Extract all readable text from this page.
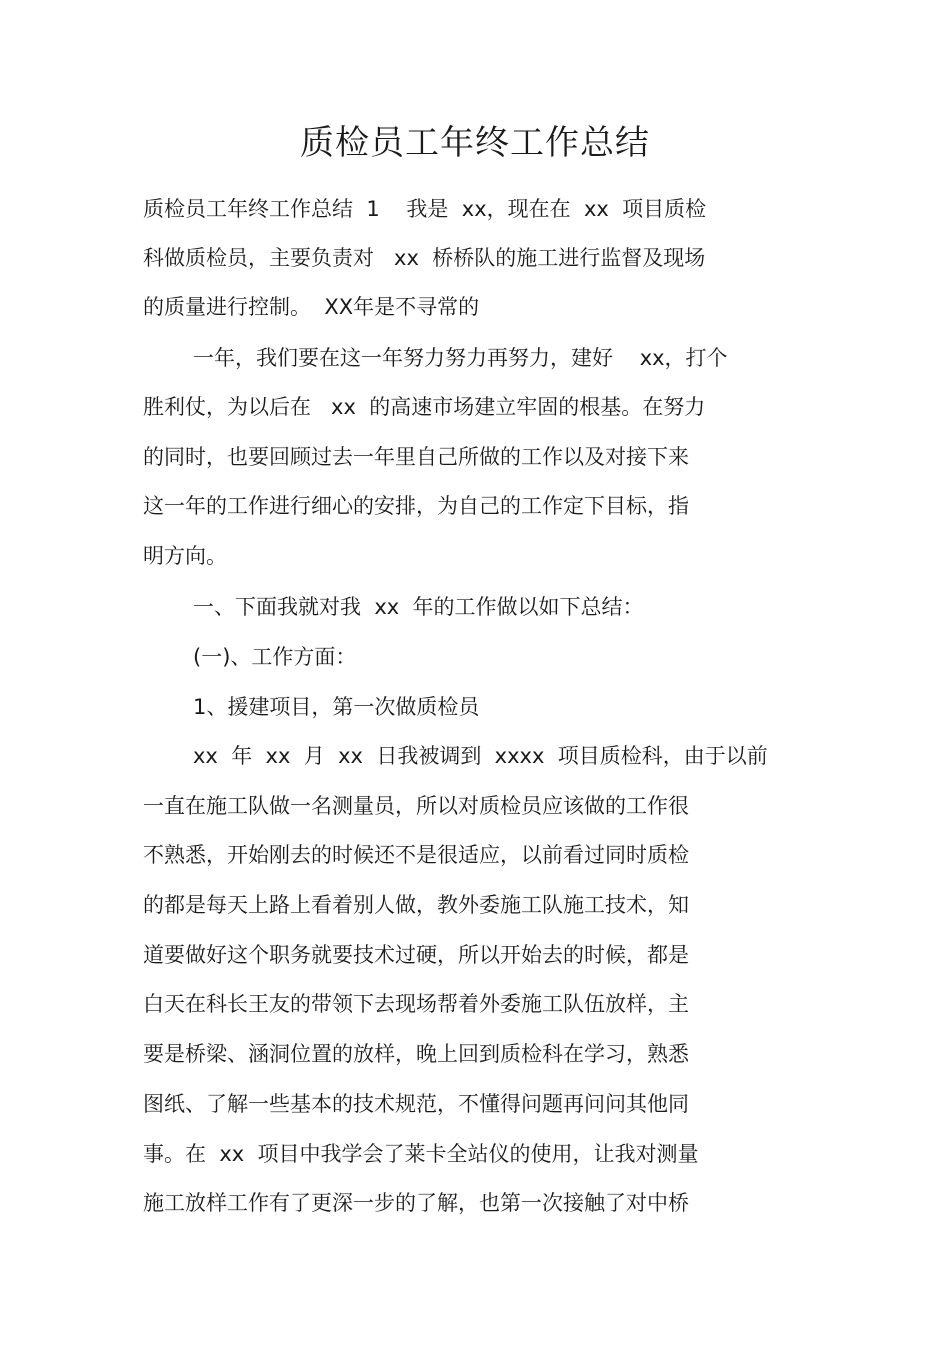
质检员工年终工作总结
质检员工年终工作总结  1    我是  xx，现在在  xx  项目质检
科做质检员，主要负责对   xx  桥桥队的施工进行监督及现场
的质量进行控制。  XX年是不寻常的
一年，我们要在这一年努力努力再努力，建好    xx，打个
胜利仗，为以后在   xx  的高速市场建立牢固的根基。在努力
的同时，也要回顾过去一年里自己所做的工作以及对接下来
这一年的工作进行细心的安排，为自己的工作定下目标，指
明方向。
一、下面我就对我  xx  年的工作做以如下总结：
(一)、工作方面：
1、援建项目，第一次做质检员
xx  年  xx  月  xx  日我被调到  xxxx  项目质检科，由于以前
一直在施工队做一名测量员，所以对质检员应该做的工作很
不熟悉，开始刚去的时候还不是很适应，以前看过同时质检
的都是每天上路上看着别人做，教外委施工队施工技术，知
道要做好这个职务就要技术过硬，所以开始去的时候，都是
白天在科长王友的带领下去现场帮着外委施工队伍放样，主
要是桥梁、涵洞位置的放样，晚上回到质检科在学习，熟悉
图纸、了解一些基本的技术规范，不懂得问题再问问其他同
事。在  xx  项目中我学会了莱卡全站仪的使用，让我对测量
施工放样工作有了更深一步的了解，也第一次接触了对中桥
